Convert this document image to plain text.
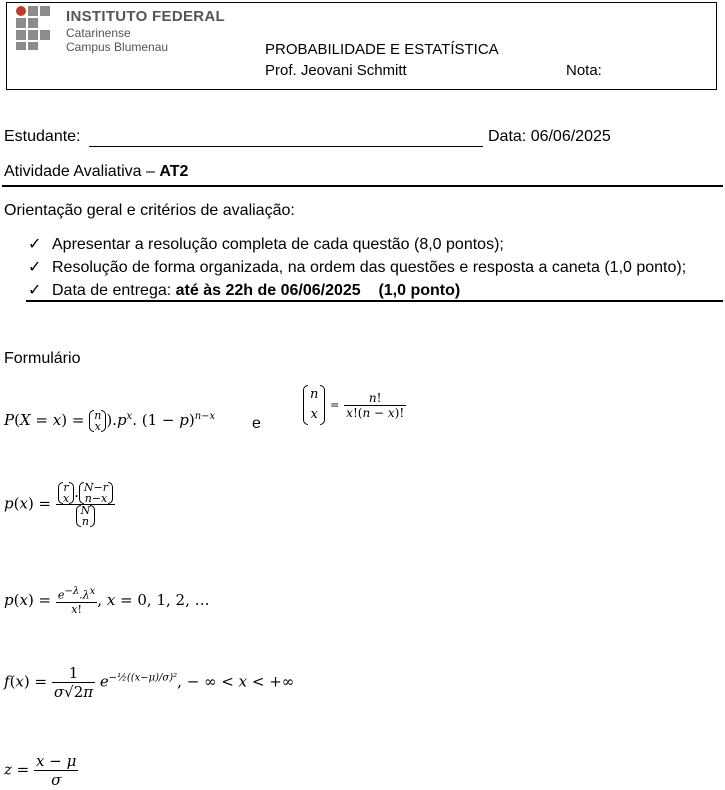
INSTITUTO FEDERAL
Catarinense
Campus Blumenau	PROBABILIDADE E ESTATÍSTICA
Prof. Jeovani Schmitt	Nota:
Estudante:	Data: 06/06/2025
Atividade Avaliativa – AT2
Orientação geral e critérios de avaliação:
✓ Apresentar a resolução completa de cada questão (8,0 pontos);
✓ Resolução de forma organizada, na ordem das questões e resposta a caneta (1,0 ponto);
✓ Data de entrega: até às 22h de 06/06/2025    (1,0 ponto)
Formulário
P(X = x) = n
x )$.p^x$. $(1 - p)^{n-x}$ e
n
x
= $\frac{n!}{x!(n - x)!}$
p(x) = r
x . N−r
n−x
N
n
$p(x) = \frac{e^{-\lambda}.\lambda^x}{x!}$ , x = 0, 1, 2, …
$f(x) = \frac{1}{\sigma√2\pi} e^{-\frac{1}{2}((x-\mu)/\sigma)^2}$, − ∞ < x < +∞
$z = \frac{x - \mu}{\sigma}$
